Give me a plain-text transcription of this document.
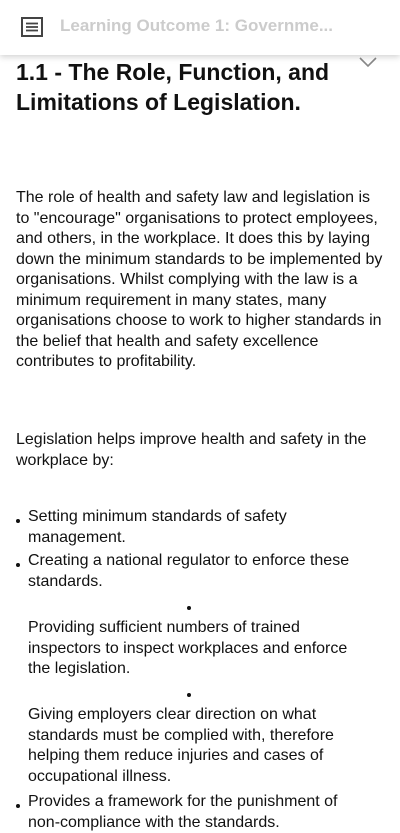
Learning Outcome 1: Governme...
1.1 - The Role, Function, and Limitations of Legislation.

The role of health and safety law and legislation is to "encourage" organisations to protect employees, and others, in the workplace. It does this by laying down the minimum standards to be implemented by organisations. Whilst complying with the law is a minimum requirement in many states, many organisations choose to work to higher standards in the belief that health and safety excellence contributes to profitability.

Legislation helps improve health and safety in the workplace by:

Setting minimum standards of safety management.

Creating a national regulator to enforce these standards.

Providing sufficient numbers of trained inspectors to inspect workplaces and enforce the legislation.

Giving employers clear direction on what standards must be complied with, therefore helping them reduce injuries and cases of occupational illness.

Provides a framework for the punishment of non-compliance with the standards.
